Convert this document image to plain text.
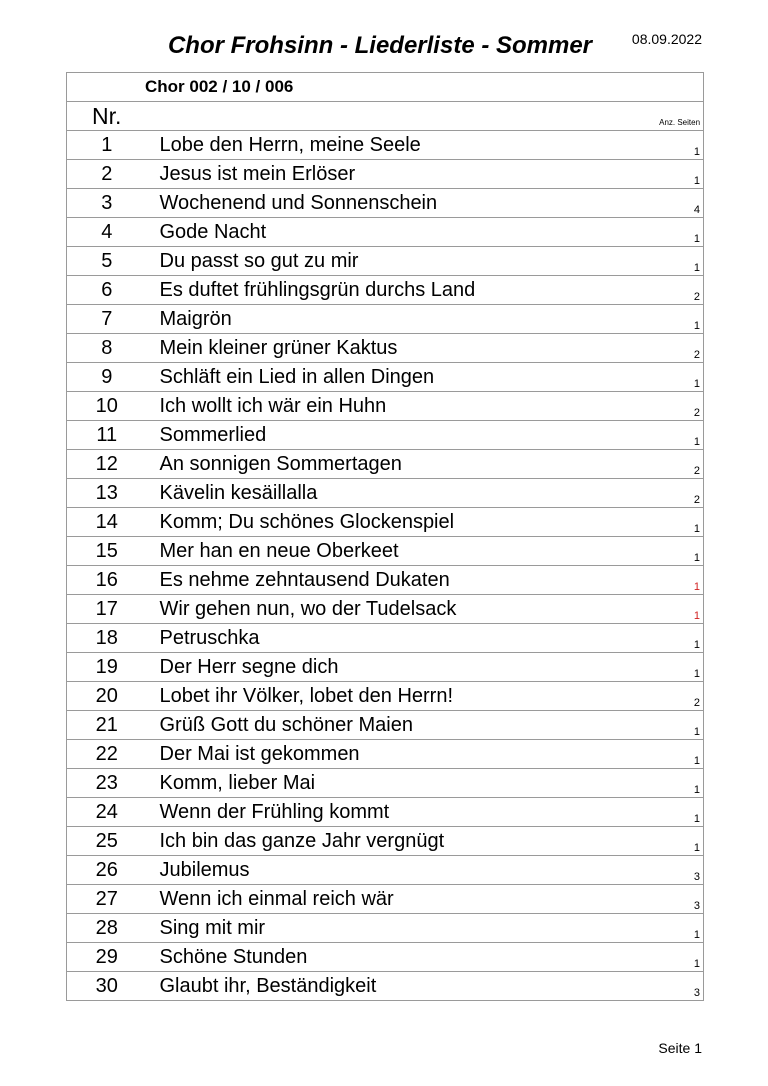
Chor Frohsinn - Liederliste - Sommer	08.09.2022
Chor 002 / 10 / 006		
Nr.		Anz. Seiten
1	Lobe den Herrn, meine Seele	1
2	Jesus ist mein Erlöser	1
3	Wochenend und Sonnenschein	4
4	Gode Nacht	1
5	Du passt so gut zu mir	1
6	Es duftet frühlingsgrün durchs Land	2
7	Maigrön	1
8	Mein kleiner grüner Kaktus	2
9	Schläft ein Lied in allen Dingen	1
10	Ich wollt ich wär ein Huhn	2
11	Sommerlied	1
12	An sonnigen Sommertagen	2
13	Kävelin kesäillalla	2
14	Komm; Du schönes Glockenspiel	1
15	Mer han en neue Oberkeet	1
16	Es nehme zehntausend Dukaten	1
17	Wir gehen nun, wo der Tudelsack	1
18	Petruschka	1
19	Der Herr segne dich	1
20	Lobet ihr Völker, lobet den Herrn!	2
21	Grüß Gott du schöner Maien	1
22	Der Mai ist gekommen	1
23	Komm, lieber Mai	1
24	Wenn der Frühling kommt	1
25	Ich bin das ganze Jahr vergnügt	1
26	Jubilemus	3
27	Wenn ich einmal reich wär	3
28	Sing mit mir	1
29	Schöne Stunden	1
30	Glaubt ihr, Beständigkeit	3
Seite 1
